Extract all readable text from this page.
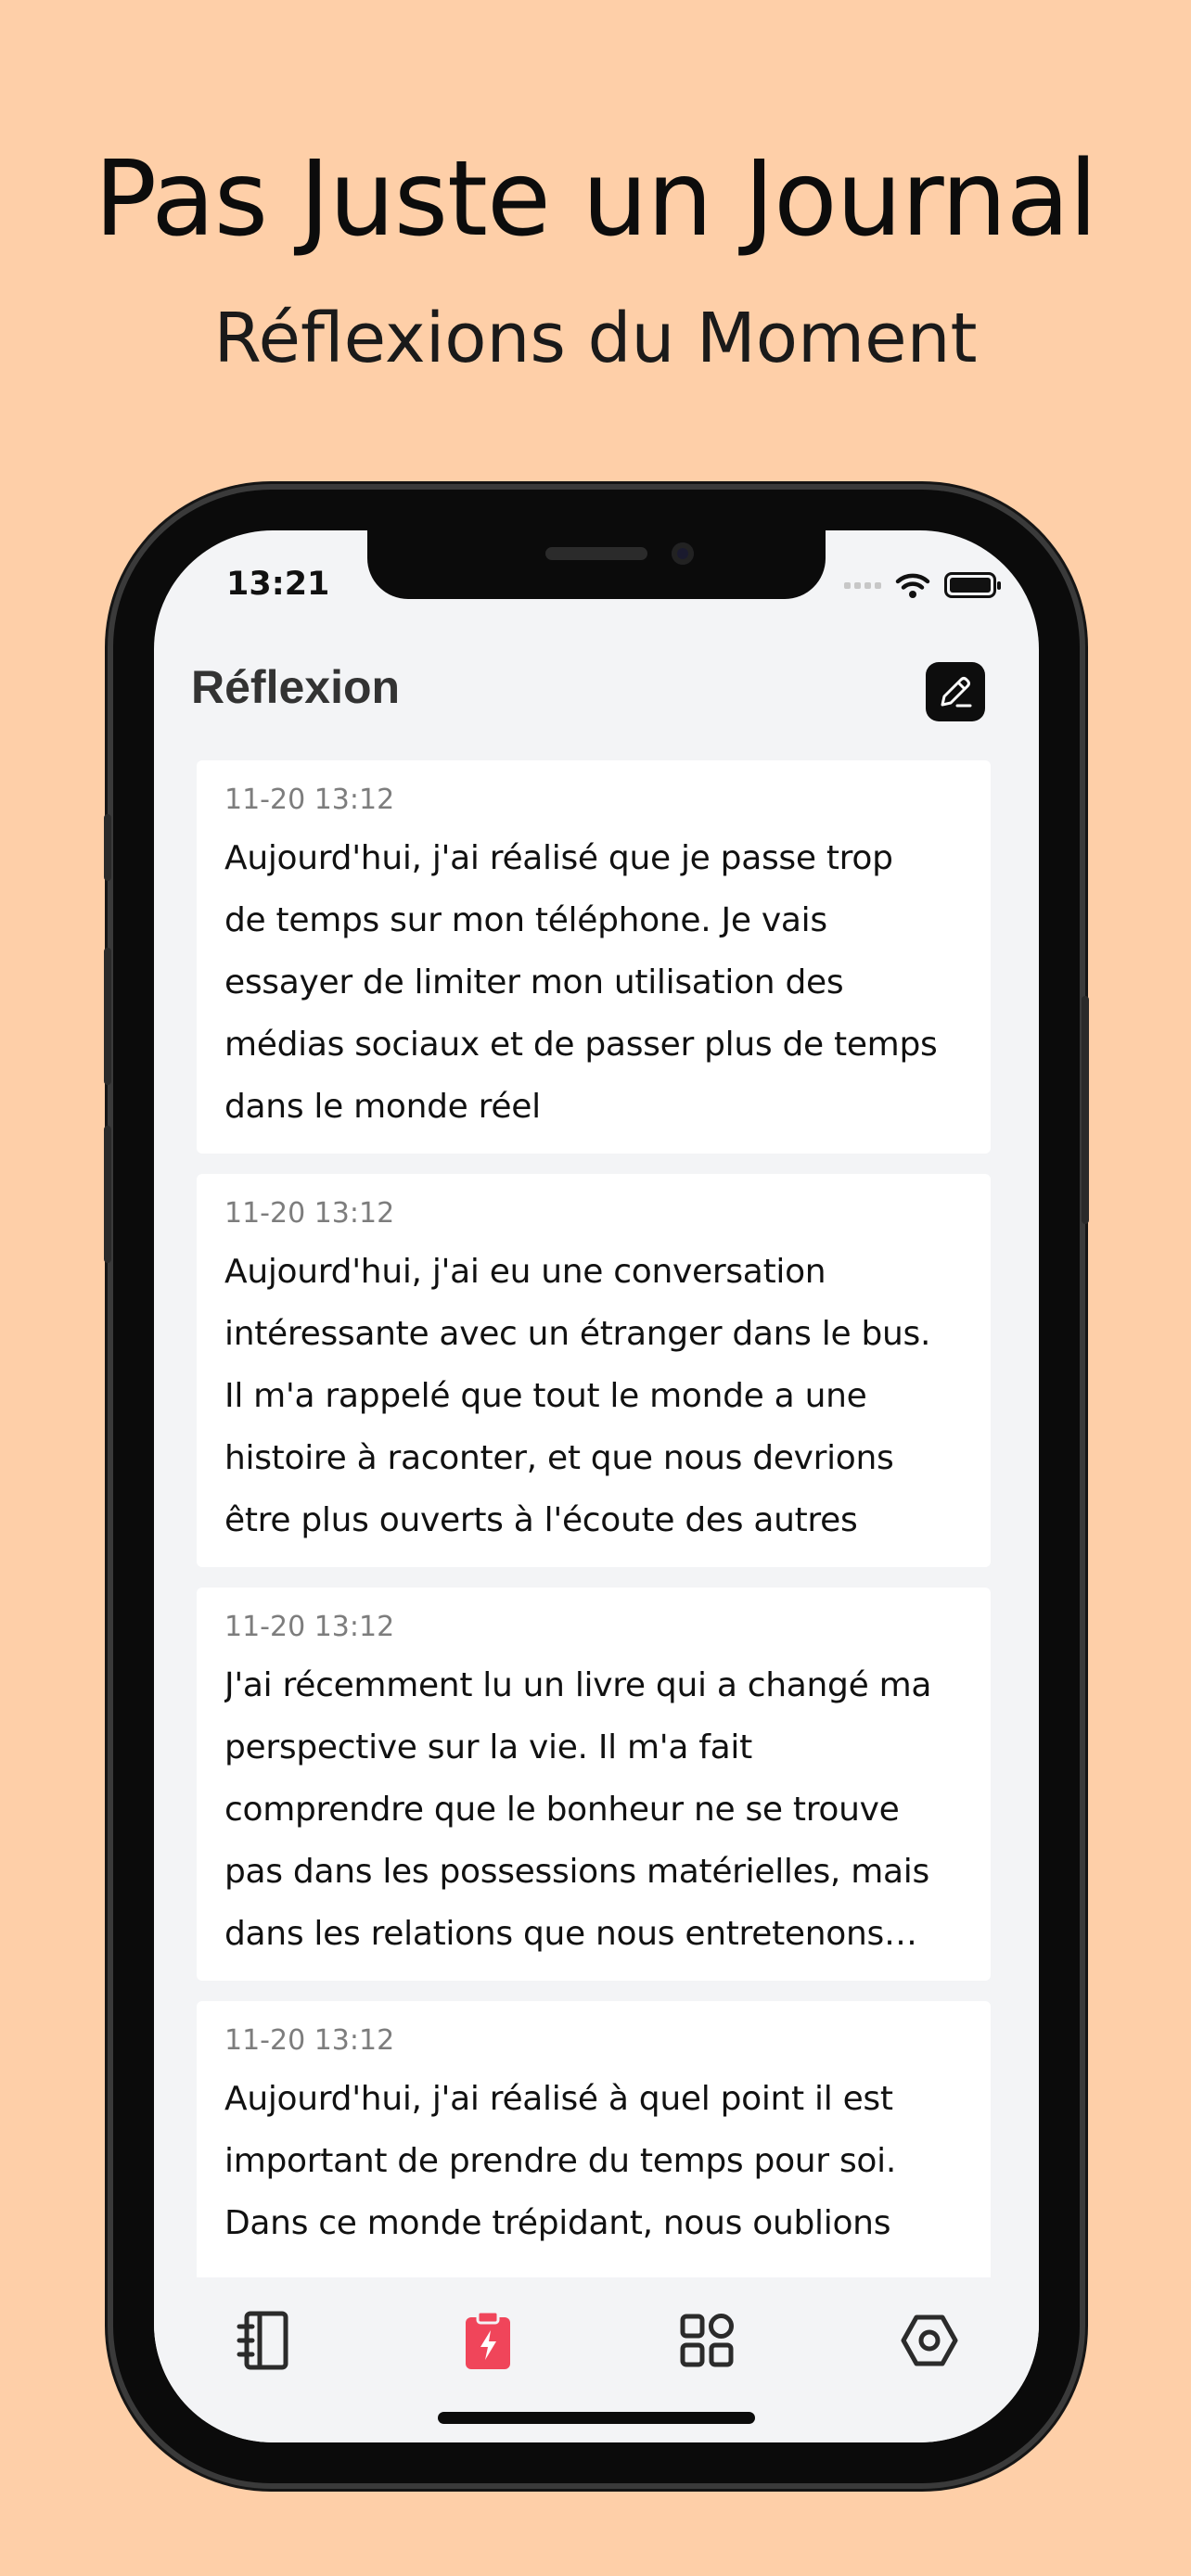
Pas Juste un Journal
Réflexions du Moment
13:21
Réflexion
11-20 13:12
Aujourd'hui, j'ai réalisé que je passe trop
de temps sur mon téléphone. Je vais
essayer de limiter mon utilisation des
médias sociaux et de passer plus de temps
dans le monde réel
11-20 13:12
Aujourd'hui, j'ai eu une conversation
intéressante avec un étranger dans le bus.
Il m'a rappelé que tout le monde a une
histoire à raconter, et que nous devrions
être plus ouverts à l'écoute des autres
11-20 13:12
J'ai récemment lu un livre qui a changé ma
perspective sur la vie. Il m'a fait
comprendre que le bonheur ne se trouve
pas dans les possessions matérielles, mais
dans les relations que nous entretenons…
11-20 13:12
Aujourd'hui, j'ai réalisé à quel point il est
important de prendre du temps pour soi.
Dans ce monde trépidant, nous oublions
